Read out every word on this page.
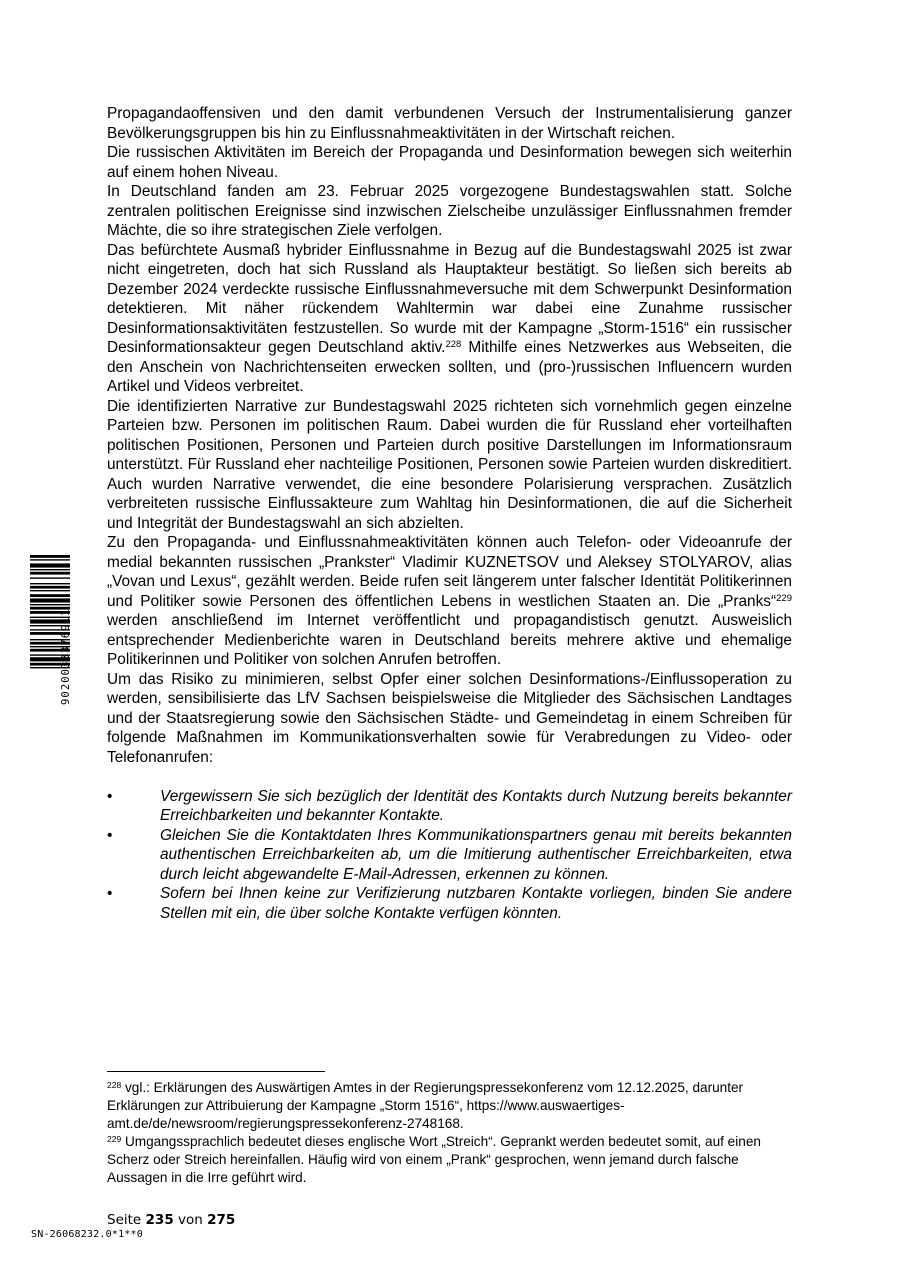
Propagandaoffensiven und den damit verbundenen Versuch der Instrumentalisierung ganzer Bevölkerungsgruppen bis hin zu Einflussnahmeaktivitäten in der Wirtschaft reichen.

Die russischen Aktivitäten im Bereich der Propaganda und Desinformation bewegen sich weiterhin auf einem hohen Niveau.

In Deutschland fanden am 23. Februar 2025 vorgezogene Bundestagswahlen statt. Solche zentralen politischen Ereignisse sind inzwischen Zielscheibe unzulässiger Einflussnahmen fremder Mächte, die so ihre strategischen Ziele verfolgen.

Das befürchtete Ausmaß hybrider Einflussnahme in Bezug auf die Bundestagswahl 2025 ist zwar nicht eingetreten, doch hat sich Russland als Hauptakteur bestätigt. So ließen sich bereits ab Dezember 2024 verdeckte russische Einflussnahmeversuche mit dem Schwerpunkt Desinformation detektieren. Mit näher rückendem Wahltermin war dabei eine Zunahme russischer Desinformationsaktivitäten festzustellen. So wurde mit der Kampagne „Storm-1516“ ein russischer Desinformationsakteur gegen Deutschland aktiv.$^{228}$ Mithilfe eines Netzwerkes aus Webseiten, die den Anschein von Nachrichtenseiten erwecken sollten, und (pro-)russischen Influencern wurden Artikel und Videos verbreitet.

Die identifizierten Narrative zur Bundestagswahl 2025 richteten sich vornehmlich gegen einzelne Parteien bzw. Personen im politischen Raum. Dabei wurden die für Russland eher vorteilhaften politischen Positionen, Personen und Parteien durch positive Darstellungen im Informationsraum unterstützt. Für Russland eher nachteilige Positionen, Personen sowie Parteien wurden diskreditiert. Auch wurden Narrative verwendet, die eine besondere Polarisierung versprachen. Zusätzlich verbreiteten russische Einflussakteure zum Wahltag hin Desinformationen, die auf die Sicherheit und Integrität der Bundestagswahl an sich abzielten.

Zu den Propaganda- und Einflussnahmeaktivitäten können auch Telefon- oder Videoanrufe der medial bekannten russischen „Prankster“ Vladimir KUZNETSOV und Aleksey STOLYAROV, alias „Vovan und Lexus“, gezählt werden. Beide rufen seit längerem unter falscher Identität Politikerinnen und Politiker sowie Personen des öffentlichen Lebens in westlichen Staaten an. Die „Pranks“$^{229}$ werden anschließend im Internet veröffentlicht und propagandistisch genutzt. Ausweislich entsprechender Medienberichte waren in Deutschland bereits mehrere aktive und ehemalige Politikerinnen und Politiker von solchen Anrufen betroffen.

Um das Risiko zu minimieren, selbst Opfer einer solchen Desinformations-/Einflussoperation zu werden, sensibilisierte das LfV Sachsen beispielsweise die Mitglieder des Sächsischen Landtages und der Staatsregierung sowie den Sächsischen Städte- und Gemeindetag in einem Schreiben für folgende Maßnahmen im Kommunikationsverhalten sowie für Verabredungen zu Video- oder Telefonanrufen:

•	Vergewissern Sie sich bezüglich der Identität des Kontakts durch Nutzung bereits bekannter Erreichbarkeiten und bekannter Kontakte.
•	Gleichen Sie die Kontaktdaten Ihres Kommunikationspartners genau mit bereits bekannten authentischen Erreichbarkeiten ab, um die Imitierung authentischer Erreichbarkeiten, etwa durch leicht abgewandelte E-Mail-Adressen, erkennen zu können.
•	Sofern bei Ihnen keine zur Verifizierung nutzbaren Kontakte vorliegen, binden Sie andere Stellen mit ein, die über solche Kontakte verfügen könnten.

$^{228}$ vgl.: Erklärungen des Auswärtigen Amtes in der Regierungspressekonferenz vom 12.12.2025, darunter Erklärungen zur Attribuierung der Kampagne „Storm 1516“, https://www.auswaertiges-amt.de/de/newsroom/regierungspressekonferenz-2748168.

$^{229}$ Umgangssprachlich bedeutet dieses englische Wort „Streich“. Geprankt werden bedeutet somit, auf einen Scherz oder Streich hereinfallen. Häufig wird von einem „Prank“ gesprochen, wenn jemand durch falsche Aussagen in die Irre geführt wird.

Seite 235 von 275
SN-26068232.0*1**0
9020033376911
